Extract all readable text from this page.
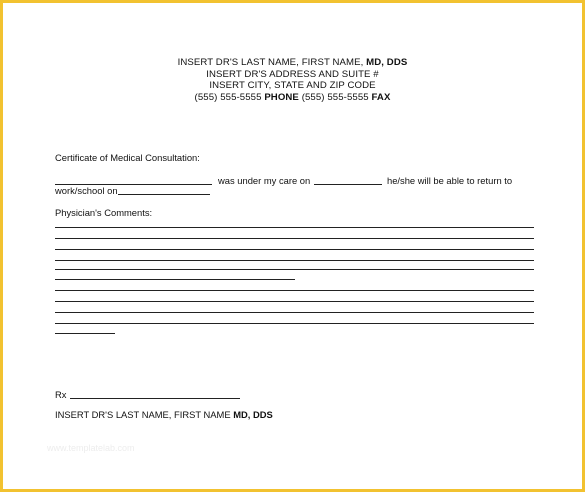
INSERT DR'S LAST NAME, FIRST NAME, MD, DDS
INSERT DR'S ADDRESS AND SUITE #
INSERT CITY, STATE AND ZIP CODE
(555) 555-5555 PHONE (555) 555-5555 FAX
Certificate of Medical Consultation:
was under my care on	he/she will be able to return to
work/school on
Physician's Comments:
Rx
INSERT DR'S LAST NAME, FIRST NAME MD, DDS
www.templatelab.com
